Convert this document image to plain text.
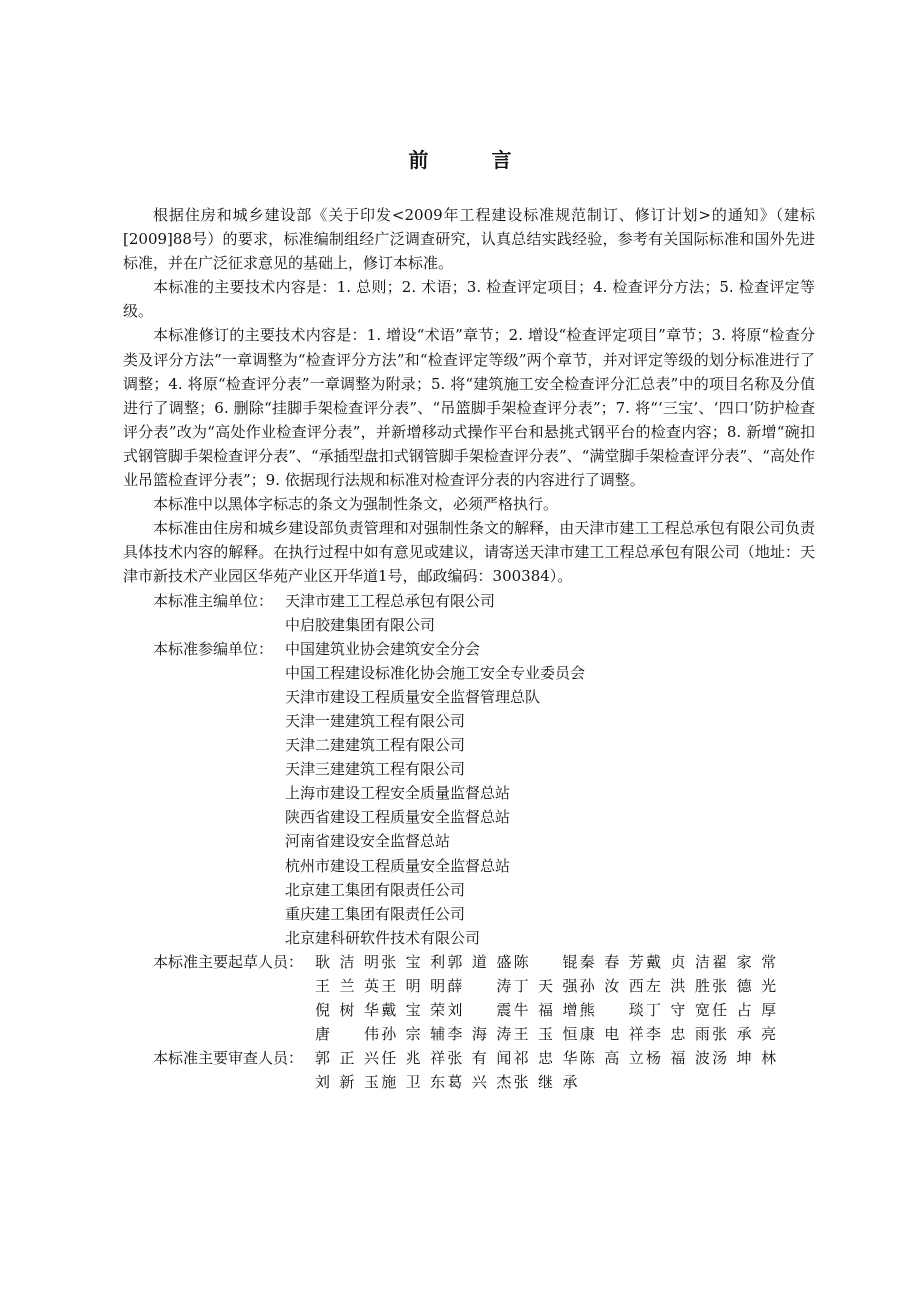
前 言

根据住房和城乡建设部《关于印发<2009年工程建设标准规范制订、修订计划>的通知》（建标[2009]88号）的要求，标准编制组经广泛调查研究，认真总结实践经验，参考有关国际标准和国外先进标准，并在广泛征求意见的基础上，修订本标准。

本标准的主要技术内容是：1. 总则；2. 术语；3. 检查评定项目；4. 检查评分方法；5. 检查评定等级。

本标准修订的主要技术内容是：1. 增设“术语”章节；2. 增设“检查评定项目”章节；3. 将原“检查分类及评分方法”一章调整为“检查评分方法”和“检查评定等级”两个章节，并对评定等级的划分标准进行了调整；4. 将原“检查评分表”一章调整为附录；5. 将“建筑施工安全检查评分汇总表”中的项目名称及分值进行了调整；6. 删除“挂脚手架检查评分表”、“吊篮脚手架检查评分表”；7. 将“‘三宝’、‘四口’防护检查评分表”改为“高处作业检查评分表”，并新增移动式操作平台和悬挑式钢平台的检查内容；8. 新增“碗扣式钢管脚手架检查评分表”、“承插型盘扣式钢管脚手架检查评分表”、“满堂脚手架检查评分表”、“高处作业吊篮检查评分表”；9. 依据现行法规和标准对检查评分表的内容进行了调整。

本标准中以黑体字标志的条文为强制性条文，必须严格执行。

本标准由住房和城乡建设部负责管理和对强制性条文的解释，由天津市建工工程总承包有限公司负责具体技术内容的解释。在执行过程中如有意见或建议，请寄送天津市建工工程总承包有限公司（地址：天津市新技术产业园区华苑产业区开华道1号，邮政编码：300384）。

本标准主编单位： 天津市建工工程总承包有限公司
中启胶建集团有限公司
本标准参编单位： 中国建筑业协会建筑安全分会
中国工程建设标准化协会施工安全专业委员会
天津市建设工程质量安全监督管理总队
天津一建建筑工程有限公司
天津二建建筑工程有限公司
天津三建建筑工程有限公司
上海市建设工程安全质量监督总站
陕西省建设工程质量安全监督总站
河南省建设安全监督总站
杭州市建设工程质量安全监督总站
北京建工集团有限责任公司
重庆建工集团有限责任公司
北京建科研软件技术有限公司
本标准主要起草人员： 耿洁明 张宝利 郭道盛 陈锟 秦春芳 戴贞洁 翟家常
王兰英 王明明 薛涛 丁天强 孙汝西 左洪胜 张德光
倪树华 戴宝荣 刘震 牛福增 熊琰 丁守宽 任占厚
唐伟 孙宗辅 李海涛 王玉恒 康电祥 李忠雨 张承亮
本标准主要审查人员： 郭正兴 任兆祥 张有闻 祁忠华 陈高立 杨福波 汤坤林
刘新玉 施卫东 葛兴杰 张继承
